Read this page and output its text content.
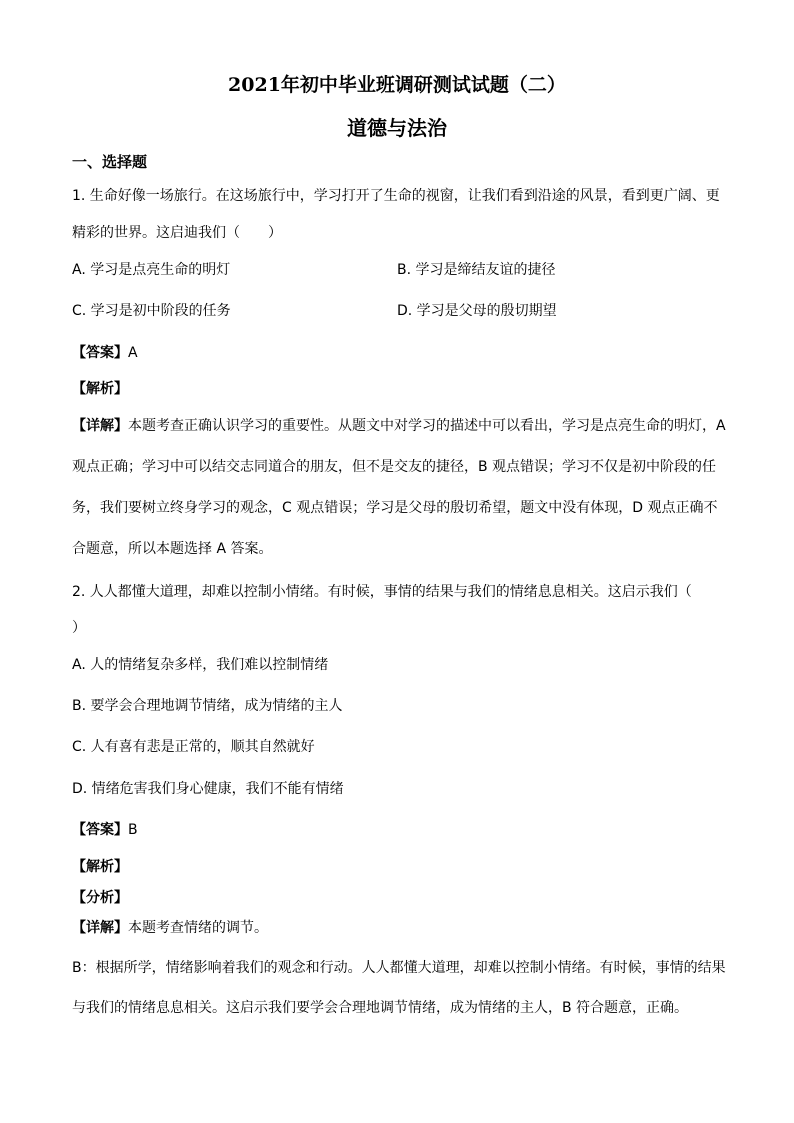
2021年初中毕业班调研测试试题（二）
道德与法治
一、选择题
1. 生命好像一场旅行。在这场旅行中，学习打开了生命的视窗，让我们看到沿途的风景，看到更广阔、更
精彩的世界。这启迪我们（　　）
A. 学习是点亮生命的明灯	B. 学习是缔结友谊的捷径
C. 学习是初中阶段的任务	D. 学习是父母的殷切期望
【答案】A
【解析】
【详解】本题考查正确认识学习的重要性。从题文中对学习的描述中可以看出，学习是点亮生命的明灯，A
观点正确；学习中可以结交志同道合的朋友，但不是交友的捷径，B 观点错误；学习不仅是初中阶段的任
务，我们要树立终身学习的观念，C 观点错误；学习是父母的殷切希望，题文中没有体现，D 观点正确不
合题意，所以本题选择 A 答案。
2. 人人都懂大道理，却难以控制小情绪。有时候，事情的结果与我们的情绪息息相关。这启示我们（
）
A. 人的情绪复杂多样，我们难以控制情绪
B. 要学会合理地调节情绪，成为情绪的主人
C. 人有喜有悲是正常的，顺其自然就好
D. 情绪危害我们身心健康，我们不能有情绪
【答案】B
【解析】
【分析】
【详解】本题考查情绪的调节。
B：根据所学，情绪影响着我们的观念和行动。人人都懂大道理，却难以控制小情绪。有时候，事情的结果
与我们的情绪息息相关。这启示我们要学会合理地调节情绪，成为情绪的主人，B 符合题意，正确。
